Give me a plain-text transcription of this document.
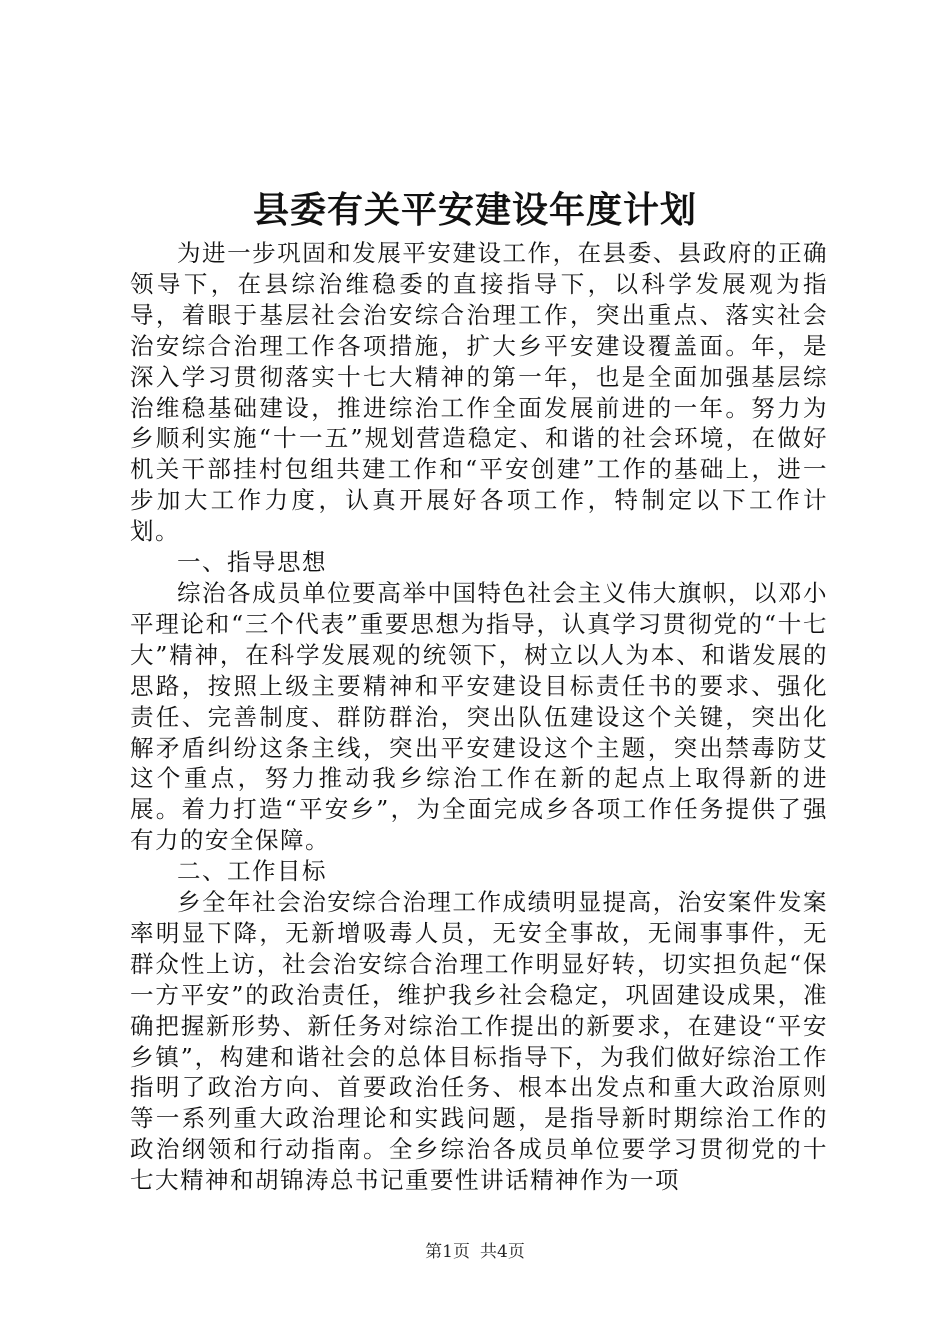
县委有关平安建设年度计划

为进一步巩固和发展平安建设工作，在县委、县政府的正确领导下，在县综治维稳委的直接指导下，以科学发展观为指导，着眼于基层社会治安综合治理工作，突出重点、落实社会治安综合治理工作各项措施，扩大乡平安建设覆盖面。年，是深入学习贯彻落实十七大精神的第一年，也是全面加强基层综治维稳基础建设，推进综治工作全面发展前进的一年。努力为乡顺利实施“十一五”规划营造稳定、和谐的社会环境，在做好机关干部挂村包组共建工作和“平安创建”工作的基础上，进一步加大工作力度，认真开展好各项工作，特制定以下工作计划。

一、指导思想

综治各成员单位要高举中国特色社会主义伟大旗帜，以邓小平理论和“三个代表”重要思想为指导，认真学习贯彻党的“十七大”精神，在科学发展观的统领下，树立以人为本、和谐发展的思路，按照上级主要精神和平安建设目标责任书的要求、强化责任、完善制度、群防群治，突出队伍建设这个关键，突出化解矛盾纠纷这条主线，突出平安建设这个主题，突出禁毒防艾这个重点，努力推动我乡综治工作在新的起点上取得新的进展。着力打造“平安乡”，为全面完成乡各项工作任务提供了强有力的安全保障。

二、工作目标

乡全年社会治安综合治理工作成绩明显提高，治安案件发案率明显下降，无新增吸毒人员，无安全事故，无闹事事件，无群众性上访，社会治安综合治理工作明显好转，切实担负起“保一方平安”的政治责任，维护我乡社会稳定，巩固建设成果，准确把握新形势、新任务对综治工作提出的新要求，在建设“平安乡镇”，构建和谐社会的总体目标指导下，为我们做好综治工作指明了政治方向、首要政治任务、根本出发点和重大政治原则等一系列重大政治理论和实践问题，是指导新时期综治工作的政治纲领和行动指南。全乡综治各成员单位要学习贯彻党的十七大精神和胡锦涛总书记重要性讲话精神作为一项

第1页 共4页
